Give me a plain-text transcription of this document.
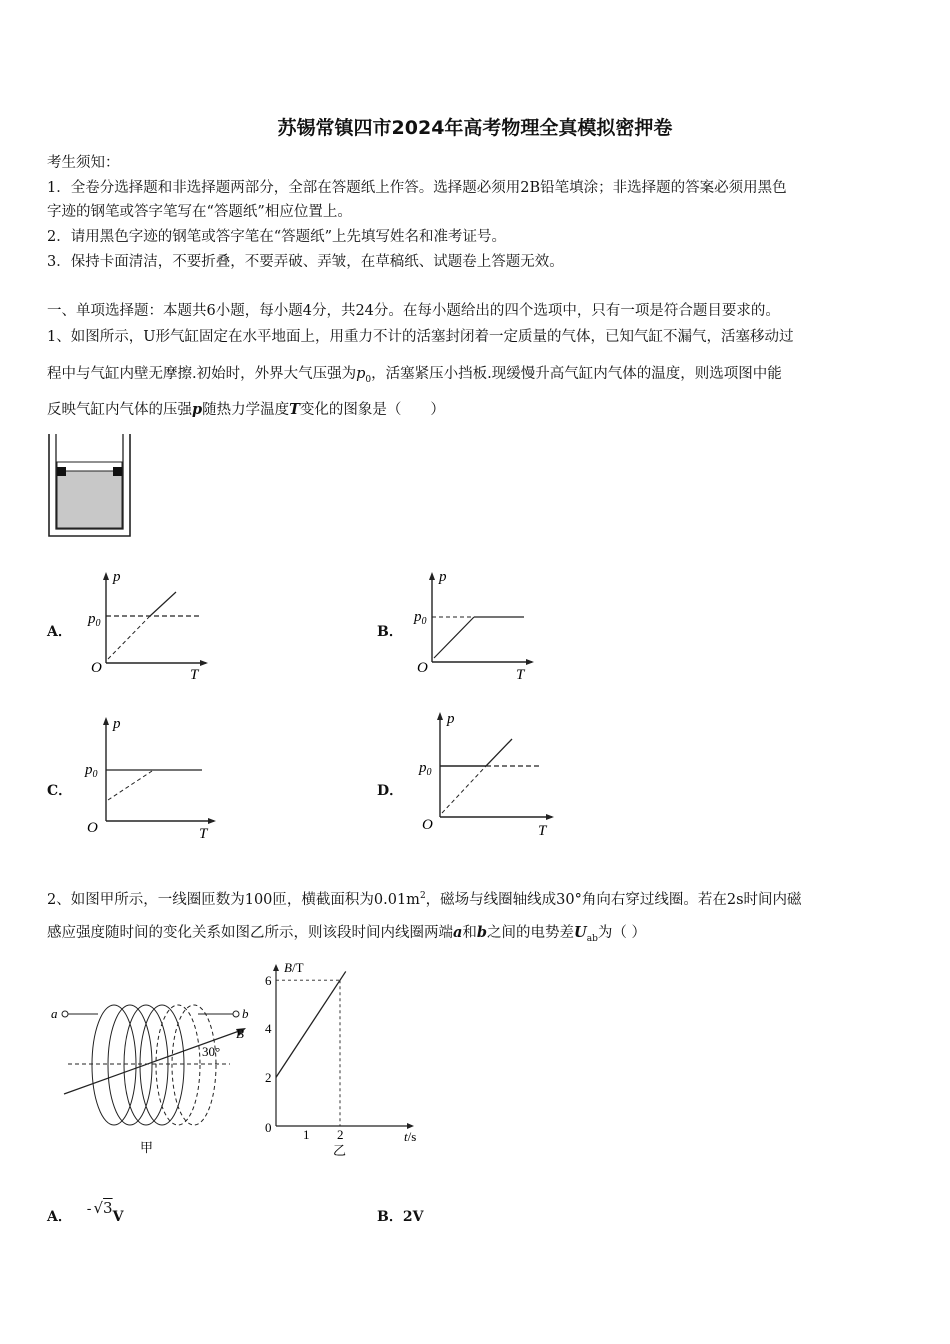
苏锡常镇四市2024年高考物理全真模拟密押卷
考生须知：
1．全卷分选择题和非选择题两部分，全部在答题纸上作答。选择题必须用2B铅笔填涂；非选择题的答案必须用黑色
字迹的钢笔或答字笔写在“答题纸”相应位置上。
2．请用黑色字迹的钢笔或答字笔在“答题纸”上先填写姓名和准考证号。
3．保持卡面清洁，不要折叠，不要弄破、弄皱，在草稿纸、试题卷上答题无效。
一、单项选择题：本题共6小题，每小题4分，共24分。在每小题给出的四个选项中，只有一项是符合题目要求的。
1、如图所示，U形气缸固定在水平地面上，用重力不计的活塞封闭着一定质量的气体，已知气缸不漏气，活塞移动过
程中与气缸内壁无摩擦.初始时，外界大气压强为$p_0$，活塞紧压小挡板.现缓慢升高气缸内气体的温度，则选项图中能
反映气缸内气体的压强p随热力学温度T变化的图象是（　　）
A．
p
T
O
$p_0$
B．
p
T
O
$p_0$
C．
p
T
O
$p_0$
D．
p
T
O
$p_0$
2、如图甲所示，一线圈匝数为100匝，横截面积为$0.01m^2$，磁场与线圈轴线成30°角向右穿过线圈。若在2s时间内磁
感应强度随时间的变化关系如图乙所示，则该段时间内线圈两端a和b之间的电势差$U_{ab}$为（ ）
a	b
B
30°
甲
B/T
t/s
0
6
4
2
1 2
乙
A． - √3V	B．2V
